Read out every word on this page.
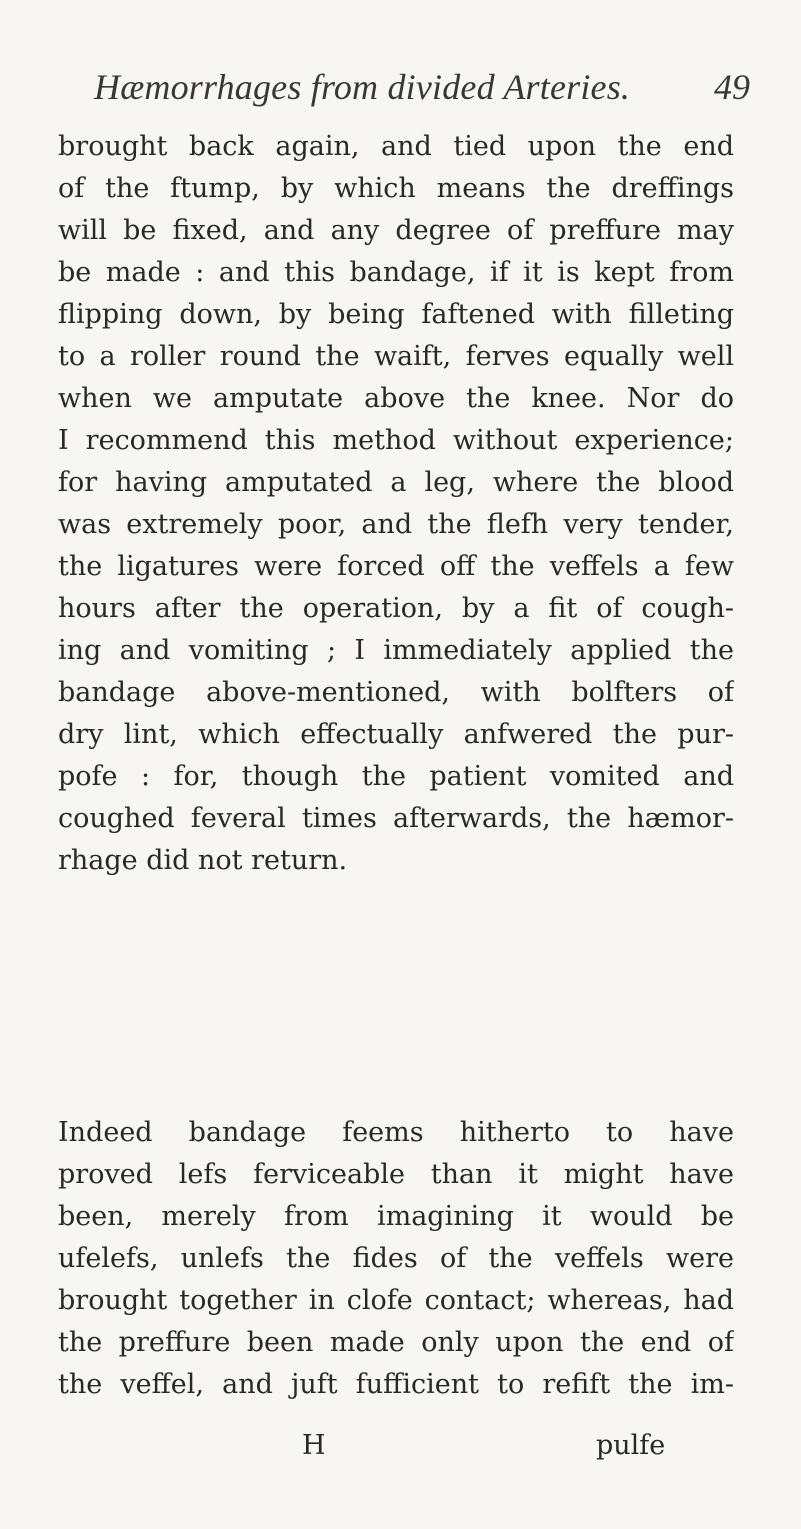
Hæmorrhages from divided Arteries. 49
brought back again, and tied upon the end
of the ftump, by which means the dreffings
will be fixed, and any degree of preffure may
be made : and this bandage, if it is kept from
flipping down, by being faftened with filleting
to a roller round the waift, ferves equally well
when we amputate above the knee. Nor do
I recommend this method without experience;
for having amputated a leg, where the blood
was extremely poor, and the flefh very tender,
the ligatures were forced off the veffels a few
hours after the operation, by a fit of cough-
ing and vomiting ; I immediately applied the
bandage above-mentioned, with bolfters of
dry lint, which effectually anfwered the pur-
pofe : for, though the patient vomited and
coughed feveral times afterwards, the hæmor-
rhage did not return.
Indeed bandage feems hitherto to have
proved lefs ferviceable than it might have
been, merely from imagining it would be
ufelefs, unlefs the fides of the veffels were
brought together in clofe contact; whereas, had
the preffure been made only upon the end of
the veffel, and juft fufficient to refift the im-
H	pulfe
